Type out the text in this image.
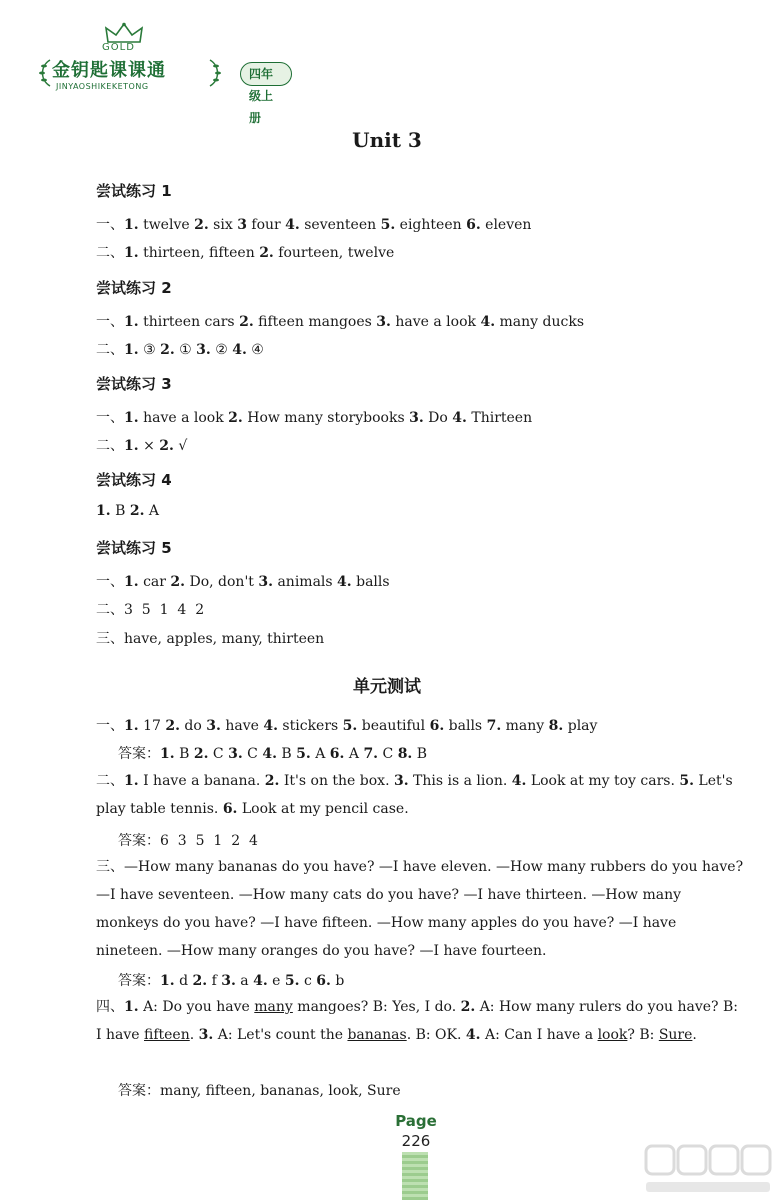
GOLD
金钥匙课课通
JINYAOSHIKEKETONG
四年级上册
Unit 3
尝试练习 1
一、1. twelve 2. six 3 four 4. seventeen 5. eighteen 6. eleven
二、1. thirteen, fifteen 2. fourteen, twelve
尝试练习 2
一、1. thirteen cars 2. fifteen mangoes 3. have a look 4. many ducks
二、1. ③ 2. ① 3. ② 4. ④
尝试练习 3
一、1. have a look 2. How many storybooks 3. Do 4. Thirteen
二、1. × 2. √
尝试练习 4
1. B 2. A
尝试练习 5
一、1. car 2. Do, don't 3. animals 4. balls
二、3  5  1  4  2
三、have, apples, many, thirteen
单元测试
一、1. 17 2. do 3. have 4. stickers 5. beautiful 6. balls 7. many 8. play
答案：1. B 2. C 3. C 4. B 5. A 6. A 7. C 8. B
二、1. I have a banana. 2. It's on the box. 3. This is a lion. 4. Look at my toy cars. 5. Let's play table tennis. 6. Look at my pencil case.
答案：6  3  5  1  2  4
三、—How many bananas do you have? —I have eleven. —How many rubbers do you have? —I have seventeen. —How many cats do you have? —I have thirteen. —How many monkeys do you have? —I have fifteen. —How many apples do you have? —I have nineteen. —How many oranges do you have? —I have fourteen.
答案：1. d 2. f 3. a 4. e 5. c 6. b
四、1. A: Do you have many mangoes? B: Yes, I do. 2. A: How many rulers do you have? B: I have fifteen. 3. A: Let's count the bananas. B: OK. 4. A: Can I have a look? B: Sure.
答案：many, fifteen, bananas, look, Sure
Page
226
